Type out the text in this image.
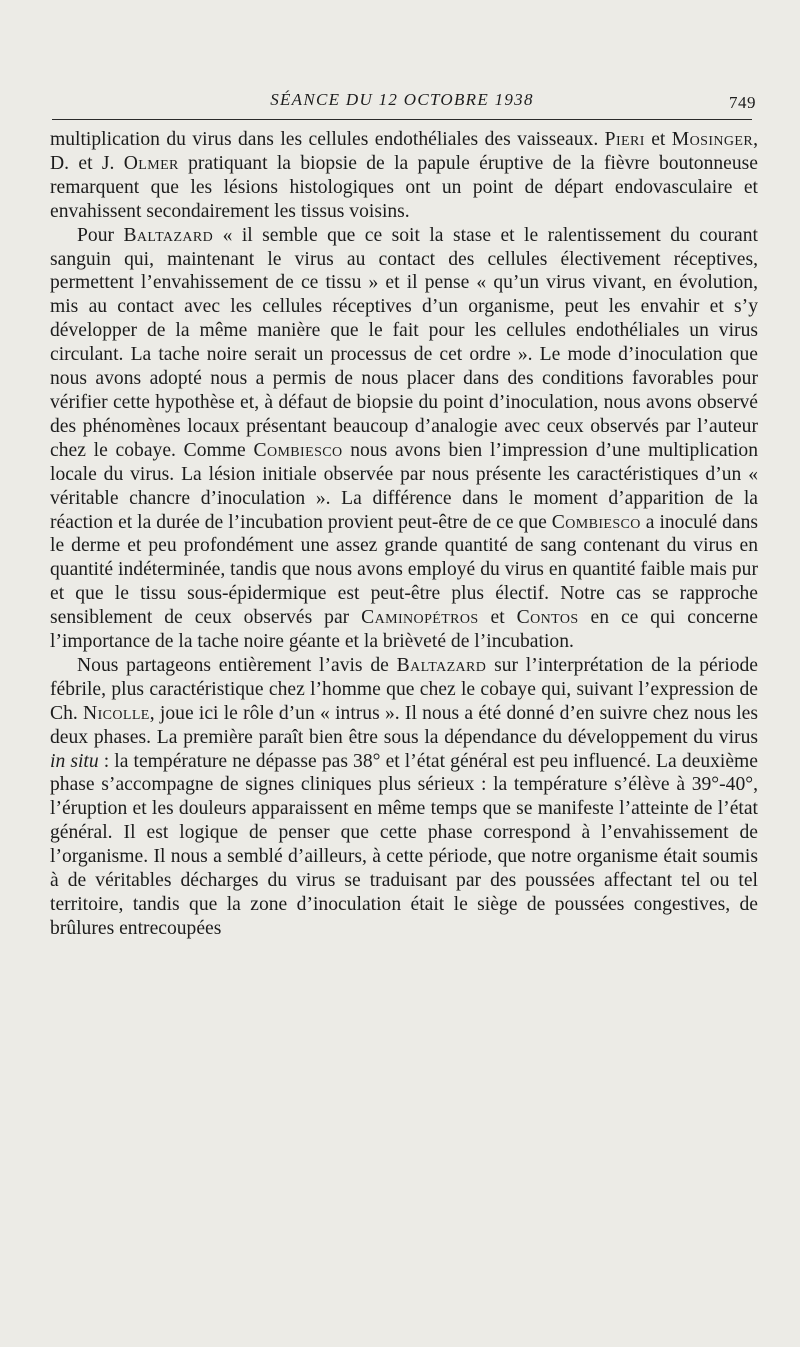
SÉANCE DU 12 OCTOBRE 1938	749

multiplication du virus dans les cellules endothéliales des vaisseaux. Pieri et Mosinger, D. et J. Olmer pratiquant la biopsie de la papule éruptive de la fièvre boutonneuse remarquent que les lésions histologiques ont un point de départ endovasculaire et envahissent secondairement les tissus voisins.

Pour Baltazard « il semble que ce soit la stase et le ralentissement du courant sanguin qui, maintenant le virus au contact des cellules électivement réceptives, permettent l’envahissement de ce tissu » et il pense « qu’un virus vivant, en évolution, mis au contact avec les cellules réceptives d’un organisme, peut les envahir et s’y développer de la même manière que le fait pour les cellules endothéliales un virus circulant. La tache noire serait un processus de cet ordre ». Le mode d’inoculation que nous avons adopté nous a permis de nous placer dans des conditions favorables pour vérifier cette hypothèse et, à défaut de biopsie du point d’inoculation, nous avons observé des phénomènes locaux présentant beaucoup d’analogie avec ceux observés par l’auteur chez le cobaye. Comme Combiesco nous avons bien l’impression d’une multiplication locale du virus. La lésion initiale observée par nous présente les caractéristiques d’un « véritable chancre d’inoculation ». La différence dans le moment d’apparition de la réaction et la durée de l’incubation provient peut-être de ce que Combiesco a inoculé dans le derme et peu profondément une assez grande quantité de sang contenant du virus en quantité indéterminée, tandis que nous avons employé du virus en quantité faible mais pur et que le tissu sous-épidermique est peut-être plus électif. Notre cas se rapproche sensiblement de ceux observés par Caminopétros et Contos en ce qui concerne l’importance de la tache noire géante et la brièveté de l’incubation.

Nous partageons entièrement l’avis de Baltazard sur l’interprétation de la période fébrile, plus caractéristique chez l’homme que chez le cobaye qui, suivant l’expression de Ch. Nicolle, joue ici le rôle d’un « intrus ». Il nous a été donné d’en suivre chez nous les deux phases. La première paraît bien être sous la dépendance du développement du virus in situ : la température ne dépasse pas 38° et l’état général est peu influencé. La deuxième phase s’accompagne de signes cliniques plus sérieux : la température s’élève à 39°-40°, l’éruption et les douleurs apparaissent en même temps que se manifeste l’atteinte de l’état général. Il est logique de penser que cette phase correspond à l’envahissement de l’organisme. Il nous a semblé d’ailleurs, à cette période, que notre organisme était soumis à de véritables décharges du virus se traduisant par des poussées affectant tel ou tel territoire, tandis que la zone d’inoculation était le siège de poussées congestives, de brûlures entrecoupées
